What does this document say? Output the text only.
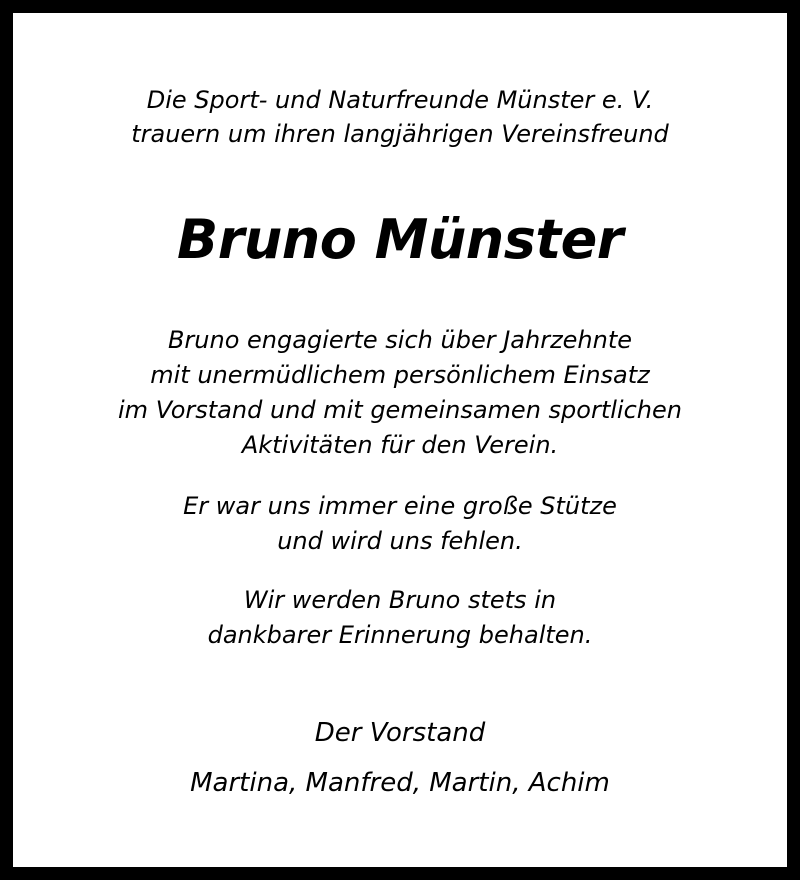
Die Sport- und Naturfreunde Münster e. V.
trauern um ihren langjährigen Vereinsfreund
Bruno Münster
Bruno engagierte sich über Jahrzehnte
mit unermüdlichem persönlichem Einsatz
im Vorstand und mit gemeinsamen sportlichen
Aktivitäten für den Verein.
Er war uns immer eine große Stütze
und wird uns fehlen.
Wir werden Bruno stets in
dankbarer Erinnerung behalten.
Der Vorstand
Martina, Manfred, Martin, Achim
